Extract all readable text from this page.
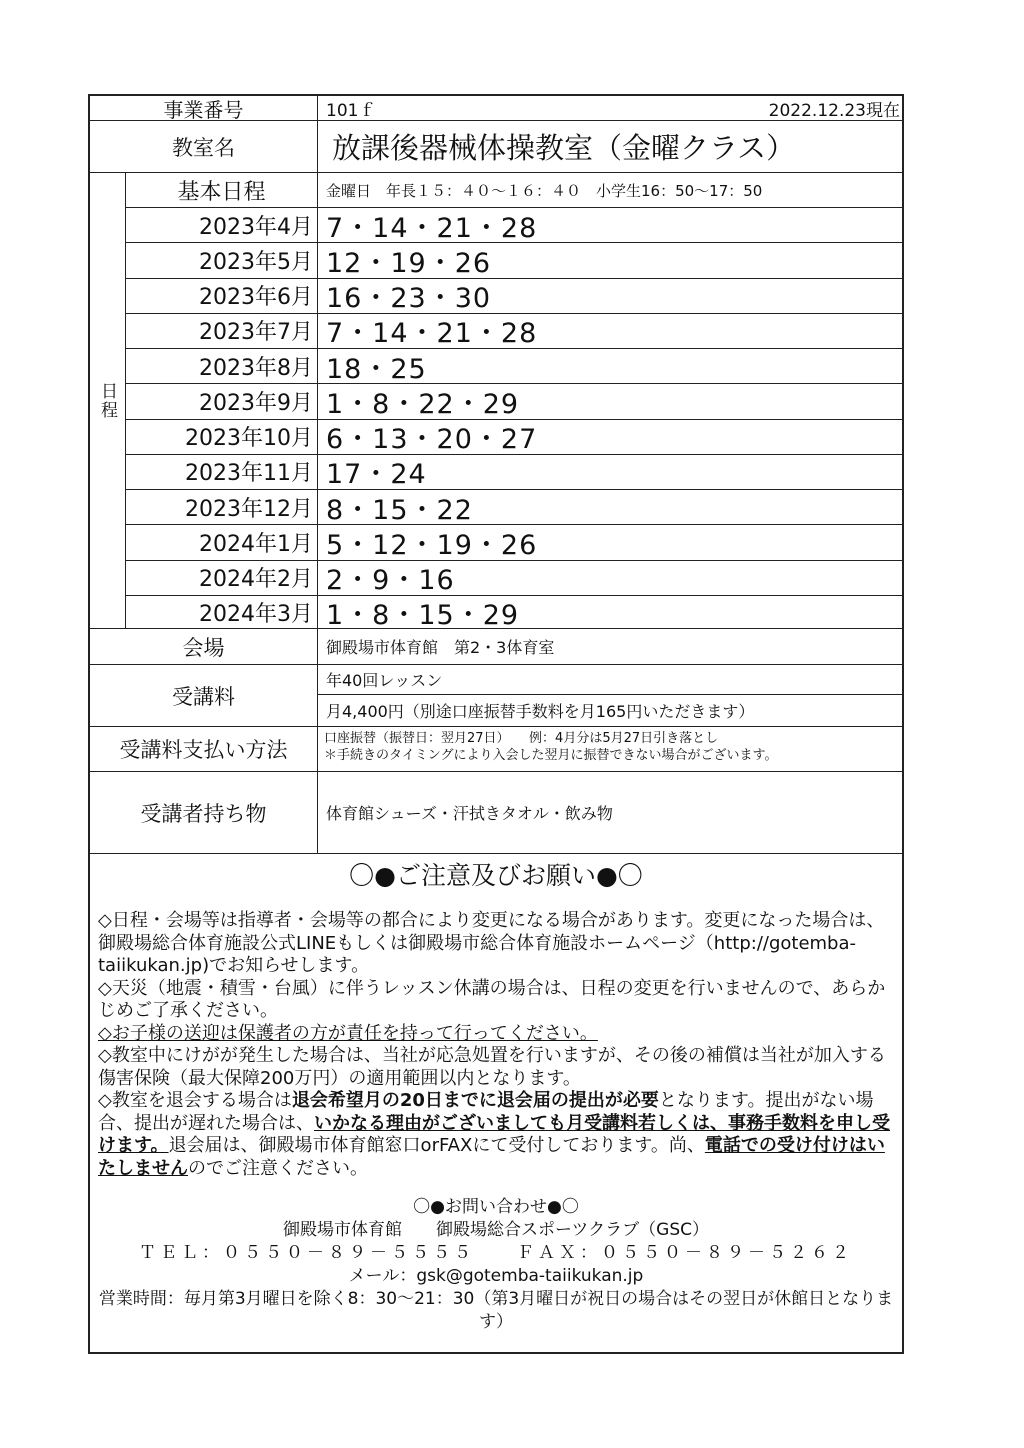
事業番号	101ｆ	2022.12.23現在
教室名	放課後器械体操教室（金曜クラス）
日程
基本日程	金曜日　年長１５：４０～１６：４０　小学生16：50～17：50
2023年4月 7・14・21・28
2023年5月 12・19・26
2023年6月 16・23・30
2023年7月 7・14・21・28
2023年8月 18・25
2023年9月 1・8・22・29
2023年10月 6・13・20・27
2023年11月 17・24
2023年12月 8・15・22
2024年1月 5・12・19・26
2024年2月 2・9・16
2024年3月 1・8・15・29
会場	御殿場市体育館　第2・3体育室
受講料
年40回レッスン
月4,400円（別途口座振替手数料を月165円いただきます）
受講料支払い方法	口座振替（振替日：翌月27日）　　例：4月分は5月27日引き落とし
＊手続きのタイミングにより入会した翌月に振替できない場合がございます。
受講者持ち物	体育館シューズ・汗拭きタオル・飲み物
〇●ご注意及びお願い●〇

◇日程・会場等は指導者・会場等の都合により変更になる場合があります。変更になった場合は、御殿場総合体育施設公式LINEもしくは御殿場市総合体育施設ホームページ（http://gotemba-taiikukan.jp)でお知らせします。

◇天災（地震・積雪・台風）に伴うレッスン休講の場合は、日程の変更を行いませんので、あらかじめご了承ください。

◇お子様の送迎は保護者の方が責任を持って行ってください。

◇教室中にけがが発生した場合は、当社が応急処置を行いますが、その後の補償は当社が加入する傷害保険（最大保障200万円）の適用範囲以内となります。

◇教室を退会する場合は退会希望月の20日までに退会届の提出が必要となります。提出がない場合、提出が遅れた場合は、いかなる理由がございましても月受講料若しくは、事務手数料を申し受けます。退会届は、御殿場市体育館窓口orFAXにて受付しております。尚、電話での受け付けはいたしませんのでご注意ください。

〇●お問い合わせ●〇
御殿場市体育館　　御殿場総合スポーツクラブ（GSC）
ＴＥＬ：０５５０－８９－５５５５　　ＦＡＸ：０５５０－８９－５２６２
メール：gsk@gotemba-taiikukan.jp
営業時間：毎月第3月曜日を除く8：30～21：30（第3月曜日が祝日の場合はその翌日が休館日となります）
